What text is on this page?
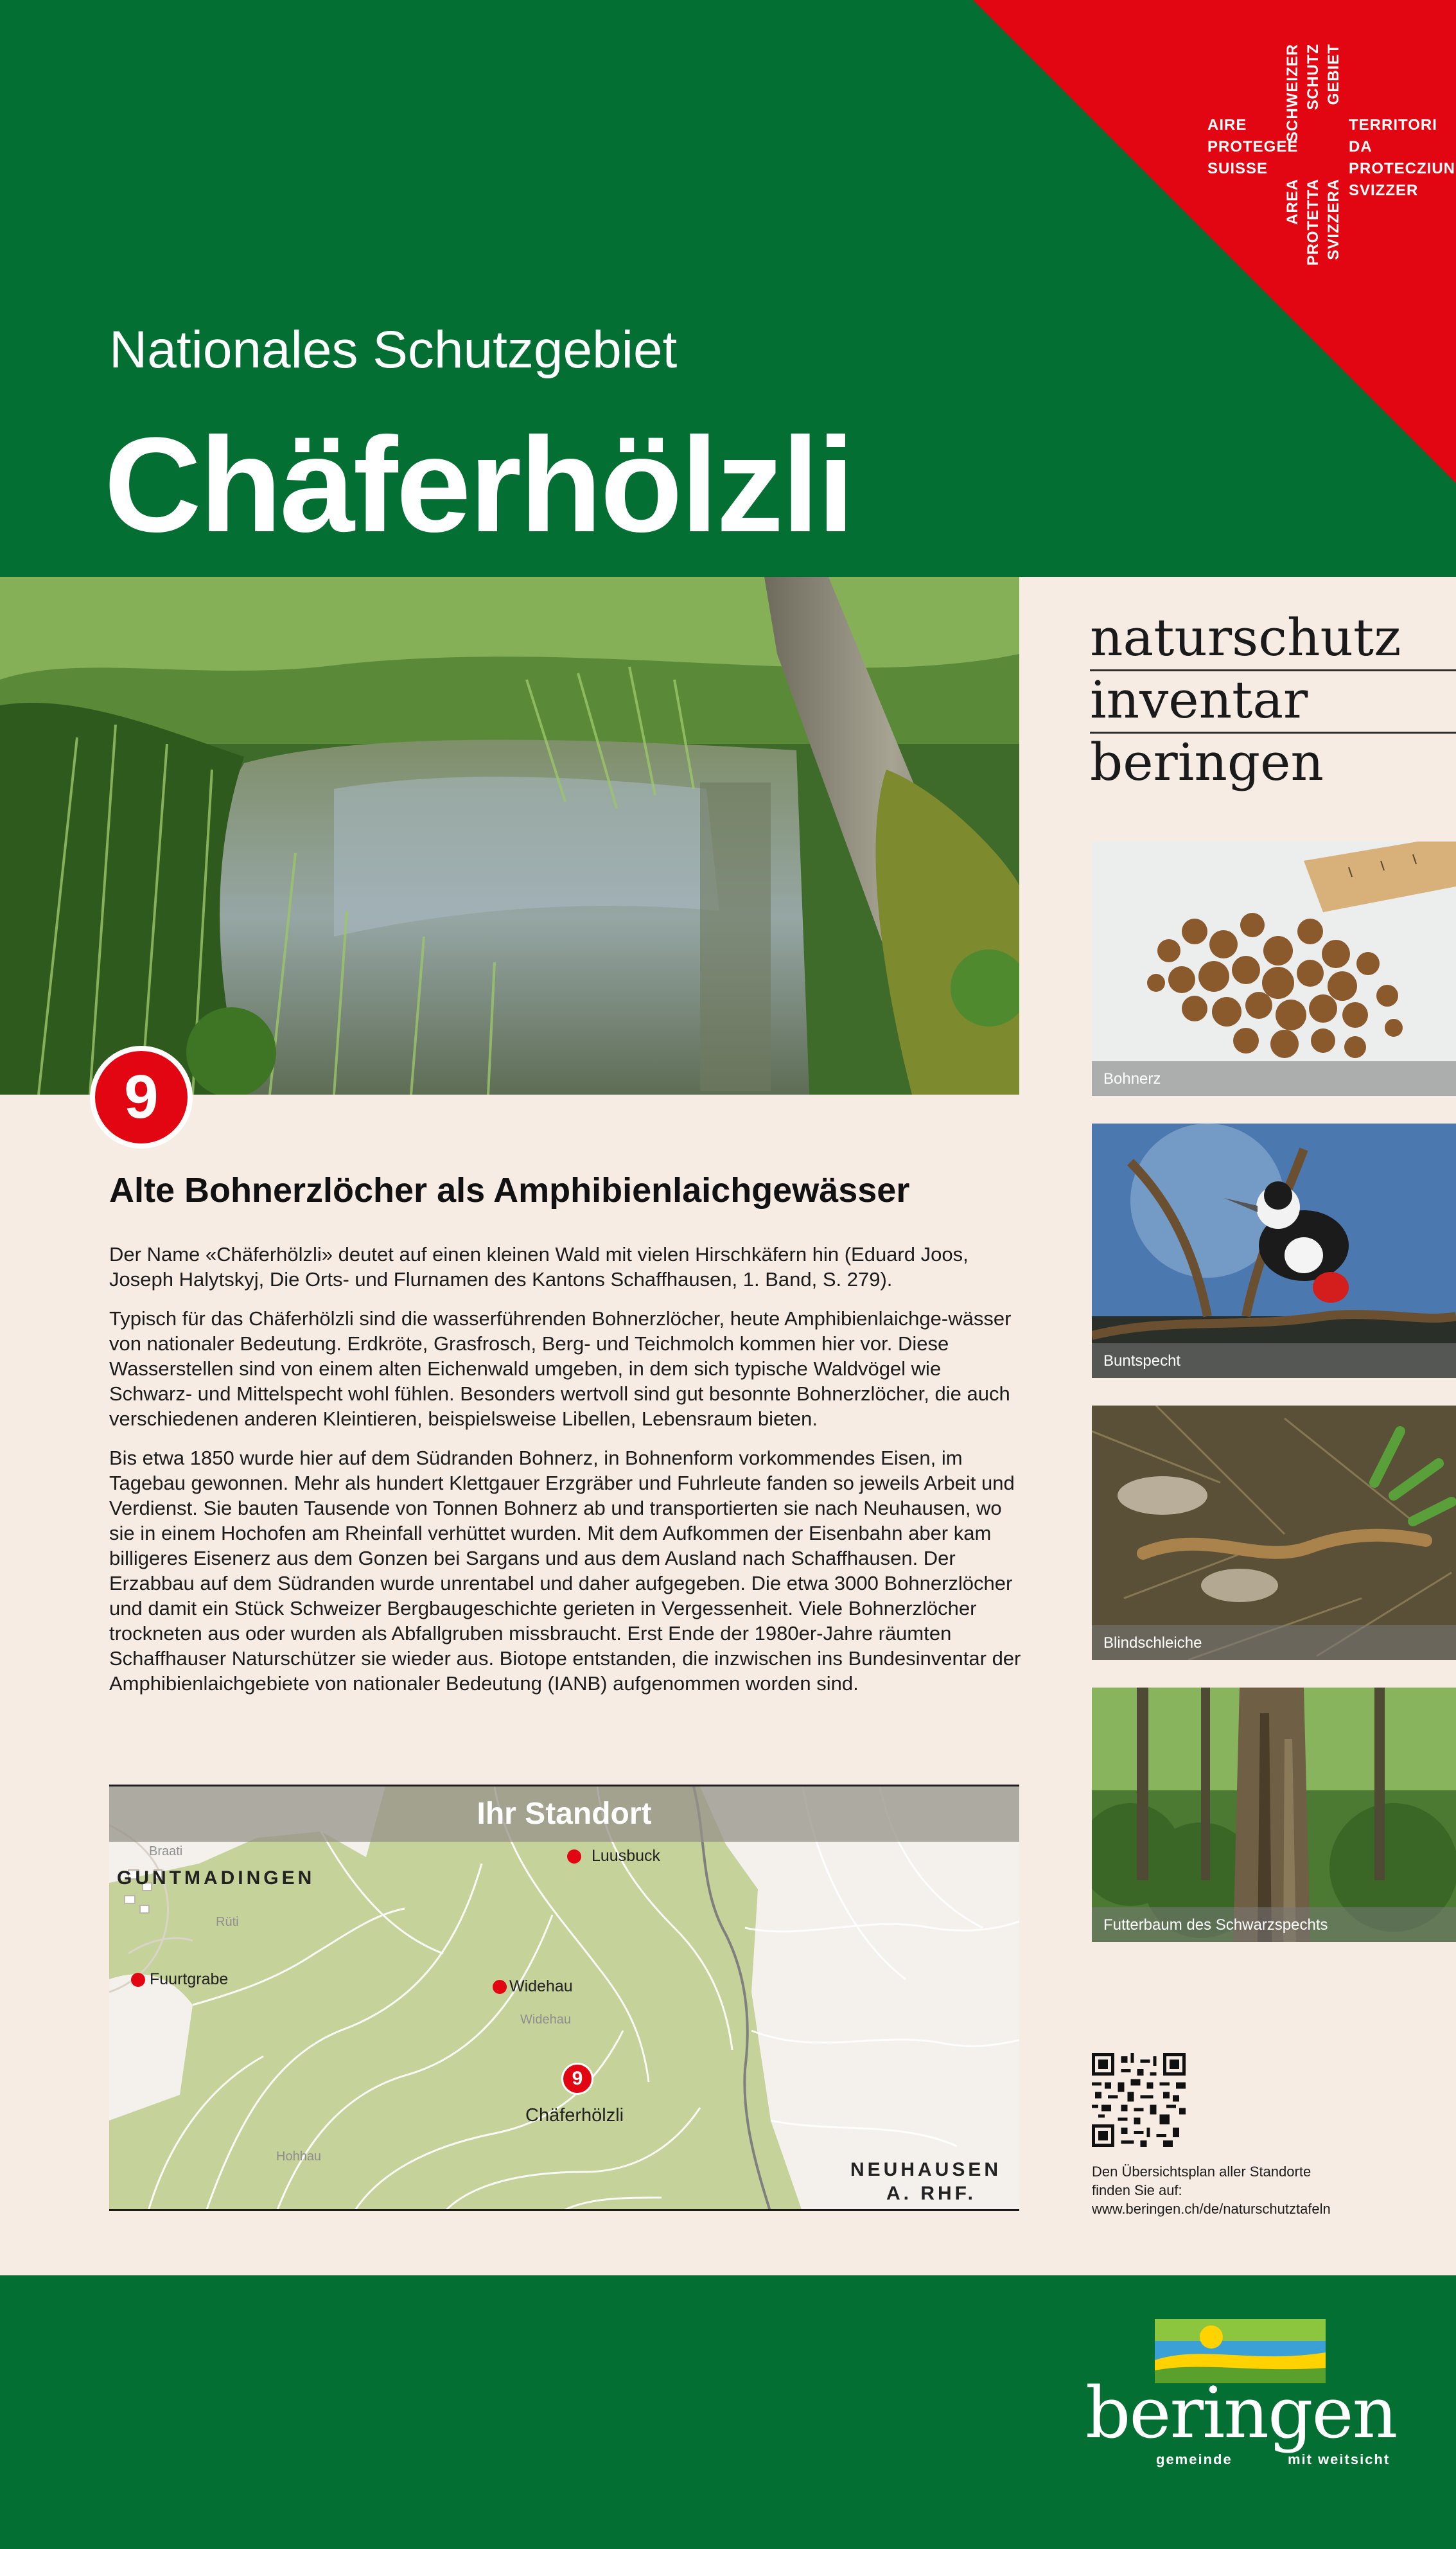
SCHWEIZER SCHUTZ GEBIET
AIRE
PROTEGEE
SUISSE
TERRITORI DA
PROTECZIUN
SVIZZER
AREA PROTETTA SVIZZERA
Nationales Schutzgebiet
Chäferhölzli
9
naturschutz
inventar
beringen
Bohnerz
Buntspecht
Blindschleiche
Futterbaum des Schwarzspechts
Alte Bohnerzlöcher als Amphibienlaichgewässer

Der Name «Chäferhölzli» deutet auf einen kleinen Wald mit vielen Hirschkäfern hin (Eduard Joos, Joseph Halytskyj, Die Orts- und Flurnamen des Kantons Schaffhausen, 1. Band, S. 279).

Typisch für das Chäferhölzli sind die wasserführenden Bohnerzlöcher, heute Amphibienlaichge-wässer von nationaler Bedeutung. Erdkröte, Grasfrosch, Berg- und Teichmolch kommen hier vor. Diese Wasserstellen sind von einem alten Eichenwald umgeben, in dem sich typische Waldvögel wie Schwarz- und Mittelspecht wohl fühlen. Besonders wertvoll sind gut besonnte Bohnerzlöcher, die auch verschiedenen anderen Kleintieren, beispielsweise Libellen, Lebensraum bieten.

Bis etwa 1850 wurde hier auf dem Südranden Bohnerz, in Bohnenform vorkommendes Eisen, im Tagebau gewonnen. Mehr als hundert Klettgauer Erzgräber und Fuhrleute fanden so jeweils Arbeit und Verdienst. Sie bauten Tausende von Tonnen Bohnerz ab und transportierten sie nach Neuhausen, wo sie in einem Hochofen am Rheinfall verhüttet wurden. Mit dem Aufkommen der Eisenbahn aber kam billigeres Eisenerz aus dem Gonzen bei Sargans und aus dem Ausland nach Schaffhausen. Der Erzabbau auf dem Südranden wurde unrentabel und daher aufgegeben. Die etwa 3000 Bohnerzlöcher und damit ein Stück Schweizer Bergbaugeschichte gerieten in Vergessenheit. Viele Bohnerzlöcher trockneten aus oder wurden als Abfallgruben missbraucht. Erst Ende der 1980er-Jahre räumten Schaffhauser Naturschützer sie wieder aus. Biotope entstanden, die inzwischen ins Bundesinventar der Amphibienlaichgebiete von nationaler Bedeutung (IANB) aufgenommen worden sind.

Ihr Standort
Braati
GUNTMADINGEN
Rüti
Luusbuck
Fuurtgrabe	Widehau
Widehau
9
Chäferhölzli
Hohhau
NEUHAUSEN
A. RHF.
Den Übersichtsplan aller Standorte
finden Sie auf:
www.beringen.ch/de/naturschutztafeln
beringen
gemeinde	mit weitsicht
